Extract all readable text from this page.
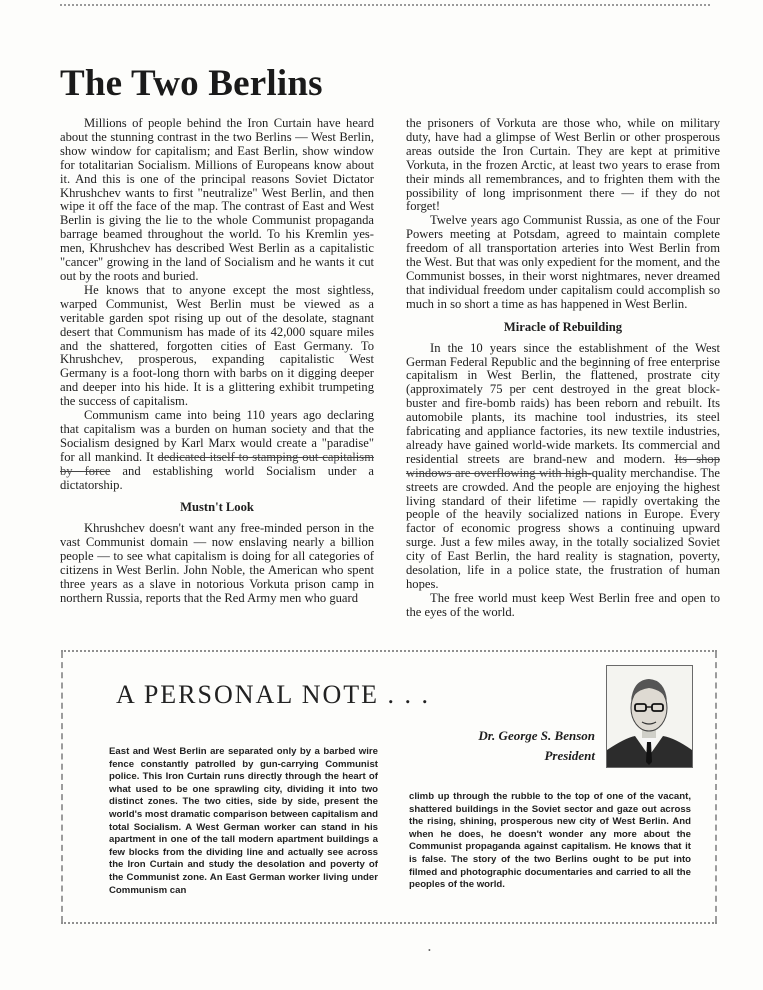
The Two Berlins

Millions of people behind the Iron Curtain have heard about the stunning contrast in the two Berlins — West Berlin, show window for capitalism; and East Berlin, show window for totalitarian Socialism. Millions of Europeans know about it. And this is one of the principal reasons Soviet Dictator Khrushchev wants to first "neutralize" West Berlin, and then wipe it off the face of the map. The contrast of East and West Berlin is giving the lie to the whole Communist propaganda barrage beamed throughout the world. To his Kremlin yes-men, Khrushchev has described West Berlin as a capitalistic "cancer" growing in the land of Socialism and he wants it cut out by the roots and buried.

He knows that to anyone except the most sightless, warped Communist, West Berlin must be viewed as a veritable garden spot rising up out of the desolate, stagnant desert that Communism has made of its 42,000 square miles and the shattered, forgotten cities of East Germany. To Khrushchev, prosperous, expanding capitalistic West Germany is a foot-long thorn with barbs on it digging deeper and deeper into his hide. It is a glittering exhibit trumpeting the success of capitalism.

Communism came into being 110 years ago declaring that capitalism was a burden on human society and that the Socialism designed by Karl Marx would create a "paradise" for all mankind. It dedicated itself to stamping out capitalism by force and establishing world Socialism under a dictatorship.

Mustn't Look

Khrushchev doesn't want any free-minded person in the vast Communist domain — now enslaving nearly a billion people — to see what capitalism is doing for all categories of citizens in West Berlin. John Noble, the American who spent three years as a slave in notorious Vorkuta prison camp in northern Russia, reports that the Red Army men who guard

the prisoners of Vorkuta are those who, while on military duty, have had a glimpse of West Berlin or other prosperous areas outside the Iron Curtain. They are kept at primitive Vorkuta, in the frozen Arctic, at least two years to erase from their minds all remembrances, and to frighten them with the possibility of long imprisonment there — if they do not forget!

Twelve years ago Communist Russia, as one of the Four Powers meeting at Potsdam, agreed to maintain complete freedom of all transportation arteries into West Berlin from the West. But that was only expedient for the moment, and the Communist bosses, in their worst nightmares, never dreamed that individual freedom under capitalism could accomplish so much in so short a time as has happened in West Berlin.

Miracle of Rebuilding

In the 10 years since the establishment of the West German Federal Republic and the beginning of free enterprise capitalism in West Berlin, the flattened, prostrate city (approximately 75 per cent destroyed in the great block-buster and fire-bomb raids) has been reborn and rebuilt. Its automobile plants, its machine tool industries, its steel fabricating and appliance factories, its new textile industries, already have gained world-wide markets. Its commercial and residential streets are brand-new and modern. Its shop windows are overflowing with high-quality merchandise. The streets are crowded. And the people are enjoying the highest living standard of their lifetime — rapidly overtaking the people of the heavily socialized nations in Europe. Every factor of economic progress shows a continuing upward surge. Just a few miles away, in the totally socialized Soviet city of East Berlin, the hard reality is stagnation, poverty, desolation, life in a police state, the frustration of human hopes.

The free world must keep West Berlin free and open to the eyes of the world.

A PERSONAL NOTE . . .
Dr. George S. Benson
President

East and West Berlin are separated only by a barbed wire fence constantly patrolled by gun-carrying Communist police. This Iron Curtain runs directly through the heart of what used to be one sprawling city, dividing it into two distinct zones. The two cities, side by side, present the world's most dramatic comparison between capitalism and total Socialism. A West German worker can stand in his apartment in one of the tall modern apartment buildings a few blocks from the dividing line and actually see across the Iron Curtain and study the desolation and poverty of the Communist zone. An East German worker living under Communism can

climb up through the rubble to the top of one of the vacant, shattered buildings in the Soviet sector and gaze out across the rising, shining, prosperous new city of West Berlin. And when he does, he doesn't wonder any more about the Communist propaganda against capitalism. He knows that it is false. The story of the two Berlins ought to be put into filmed and photographic documentaries and carried to all the peoples of the world.

•
